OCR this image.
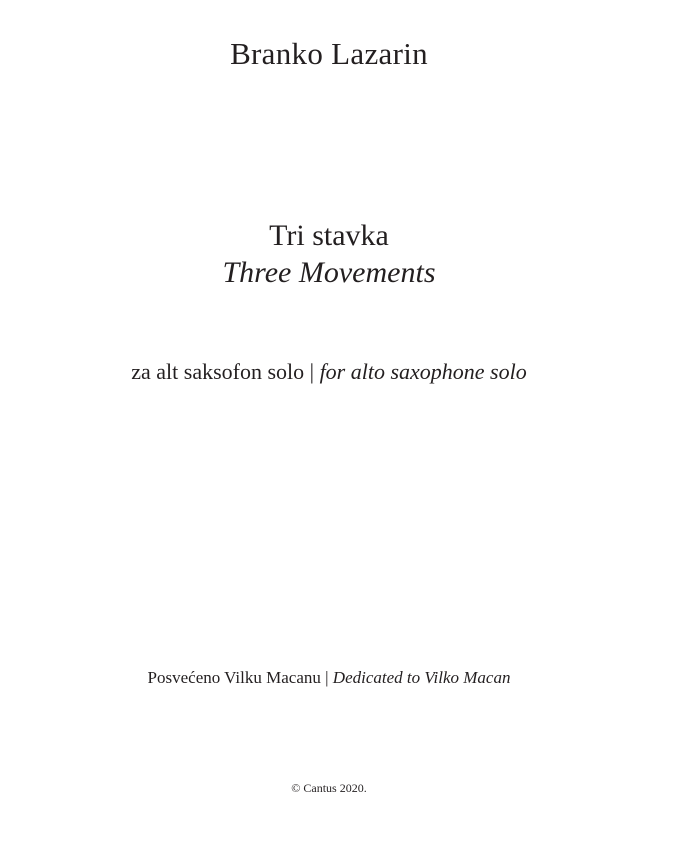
Branko Lazarin
Tri stavka
Three Movements
za alt saksofon solo | for alto saxophone solo
Posvećeno Vilku Macanu | Dedicated to Vilko Macan
© Cantus 2020.
